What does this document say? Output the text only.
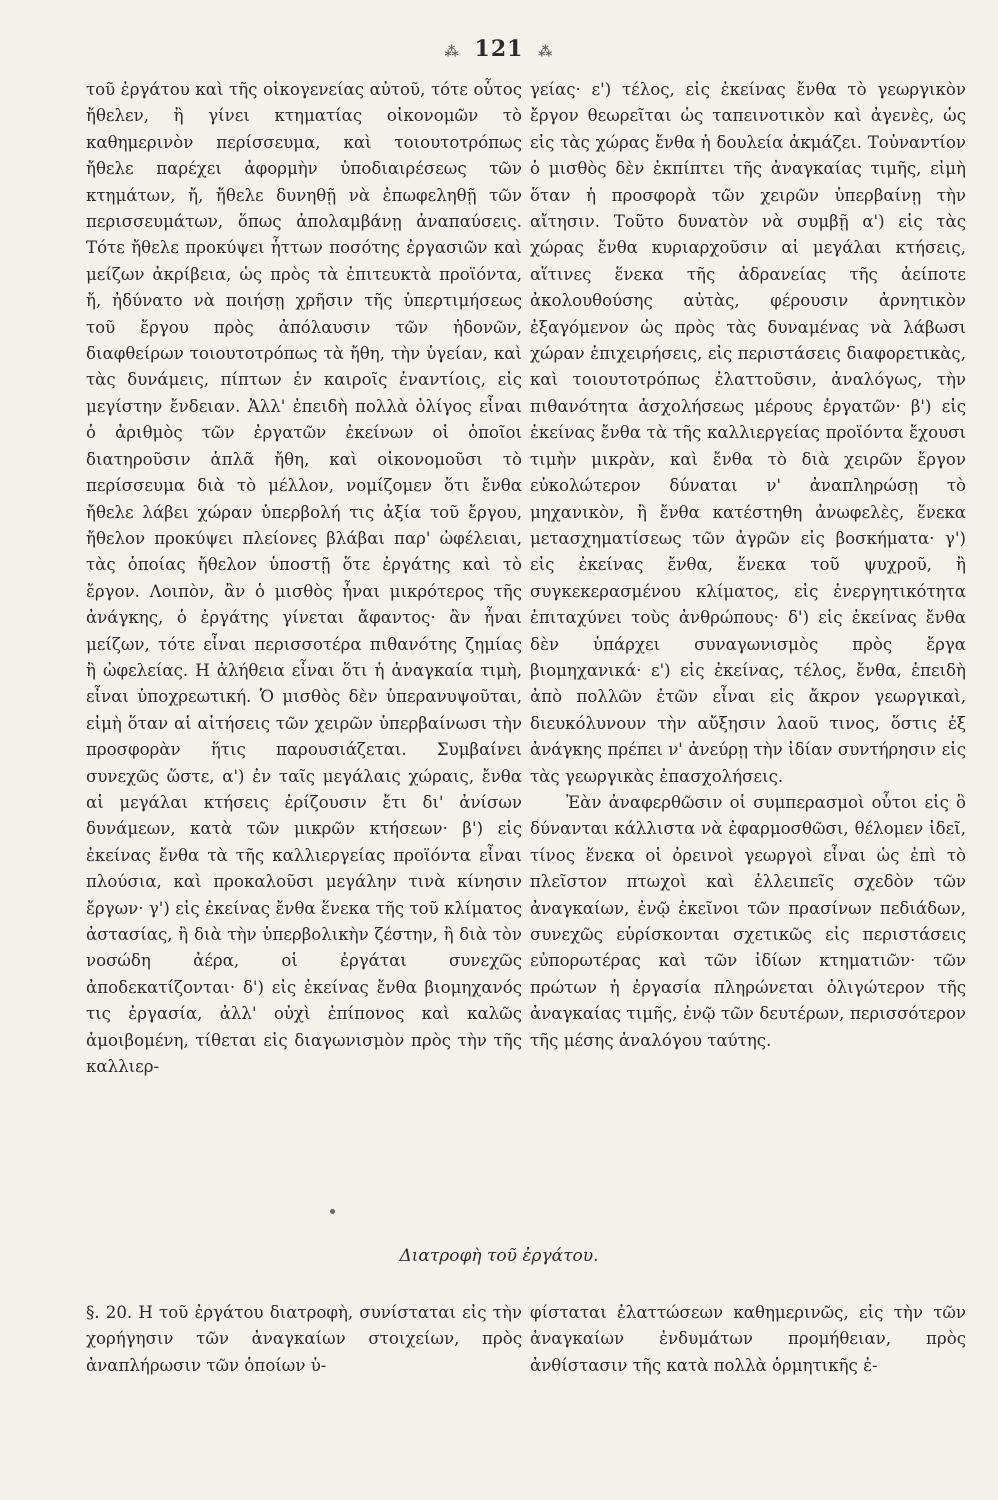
⁂ 121 ⁂

τοῦ ἐργάτου καὶ τῆς οἰκογενείας αὐτοῦ, τότε οὗτος ἤθελεν, ἢ γίνει κτηματίας οἰκονομῶν τὸ καθημερινὸν περίσσευμα, καὶ τοιουτοτρόπως ἤθελε παρέχει ἀφορμὴν ὑποδιαιρέσεως τῶν κτημάτων, ἤ, ἤθελε δυνηθῇ νὰ ἐπωφεληθῇ τῶν περισσευμάτων, ὅπως ἀπολαμβάνῃ ἀναπαύσεις. Τότε ἤθελε προκύψει ἧττων ποσότης ἐργασιῶν καὶ μείζων ἀκρίβεια, ὡς πρὸς τὰ ἐπιτευκτὰ προϊόντα, ἤ, ἠδύνατο νὰ ποιήσῃ χρῆσιν τῆς ὑπερτιμήσεως τοῦ ἔργου πρὸς ἀπόλαυσιν τῶν ἡδονῶν, διαφθείρων τοιουτοτρόπως τὰ ἤθη, τὴν ὑγείαν, καὶ τὰς δυνάμεις, πίπτων ἐν καιροῖς ἐναντίοις, εἰς μεγίστην ἔνδειαν. Ἀλλ' ἐπειδὴ πολλὰ ὀλίγος εἶναι ὁ ἀριθμὸς τῶν ἐργατῶν ἐκείνων οἱ ὁποῖοι διατηροῦσιν ἁπλᾶ ἤθη, καὶ οἰκονομοῦσι τὸ περίσσευμα διὰ τὸ μέλλον, νομίζομεν ὅτι ἔνθα ἤθελε λάβει χώραν ὑπερβολή τις ἀξία τοῦ ἔργου, ἤθελον προκύψει πλείονες βλάβαι παρ' ὠφέλειαι, τὰς ὁποίας ἤθελον ὑποστῇ ὅτε ἐργάτης καὶ τὸ ἔργον. Λοιπὸν, ἂν ὁ μισθὸς ἦναι μικρότερος τῆς ἀνάγκης, ὁ ἐργάτης γίνεται ἄφαντος· ἂν ἦναι μείζων, τότε εἶναι περισσοτέρα πιθανότης ζημίας ἢ ὠφελείας. Η ἀλήθεια εἶναι ὅτι ἡ ἀναγκαία τιμὴ, εἶναι ὑποχρεωτική. Ὁ μισθὸς δὲν ὑπερανυψοῦται, εἰμὴ ὅταν αἱ αἰτήσεις τῶν χειρῶν ὑπερβαίνωσι τὴν προσφορὰν ἥτις παρουσιάζεται. Συμβαίνει συνεχῶς ὥστε, α') ἐν ταῖς μεγάλαις χώραις, ἔνθα αἱ μεγάλαι κτήσεις ἐρίζουσιν ἔτι δι' ἀνίσων δυνάμεων, κατὰ τῶν μικρῶν κτήσεων· β') εἰς ἐκείνας ἔνθα τὰ τῆς καλλιεργείας προϊόντα εἶναι πλούσια, καὶ προκαλοῦσι μεγάλην τινὰ κίνησιν ἔργων· γ') εἰς ἐκείνας ἔνθα ἕνεκα τῆς τοῦ κλίματος ἀστασίας, ἢ διὰ τὴν ὑπερβολικὴν ζέστην, ἢ διὰ τὸν νοσώδη ἀέρα, οἱ ἐργάται συνεχῶς ἀποδεκατίζονται· δ') εἰς ἐκείνας ἔνθα βιομηχανός τις ἐργασία, ἀλλ' οὐχὶ ἐπίπονος καὶ καλῶς ἀμοιβομένη, τίθεται εἰς διαγωνισμὸν πρὸς τὴν τῆς καλλιερ-

γείας· ε') τέλος, εἰς ἐκείνας ἔνθα τὸ γεωργικὸν ἔργον θεωρεῖται ὡς ταπεινοτικὸν καὶ ἀγενὲς, ὡς εἰς τὰς χώρας ἔνθα ἡ δουλεία ἀκμάζει. Τοὐναντίον ὁ μισθὸς δὲν ἐκπίπτει τῆς ἀναγκαίας τιμῆς, εἰμὴ ὅταν ἡ προσφορὰ τῶν χειρῶν ὑπερβαίνῃ τὴν αἴτησιν. Τοῦτο δυνατὸν νὰ συμβῇ α') εἰς τὰς χώρας ἔνθα κυριαρχοῦσιν αἱ μεγάλαι κτήσεις, αἵτινες ἕνεκα τῆς ἀδρανείας τῆς ἀείποτε ἀκολουθούσης αὐτὰς, φέρουσιν ἀρνητικὸν ἐξαγόμενον ὡς πρὸς τὰς δυναμένας νὰ λάβωσι χώραν ἐπιχειρήσεις, εἰς περιστάσεις διαφορετικὰς, καὶ τοιουτοτρόπως ἐλαττοῦσιν, ἀναλόγως, τὴν πιθανότητα ἀσχολήσεως μέρους ἐργατῶν· β') εἰς ἐκείνας ἔνθα τὰ τῆς καλλιεργείας προϊόντα ἔχουσι τιμὴν μικρὰν, καὶ ἔνθα τὸ διὰ χειρῶν ἔργον εὐκολώτερον δύναται ν' ἀναπληρώσῃ τὸ μηχανικὸν, ἢ ἔνθα κατέστηθη ἀνωφελὲς, ἕνεκα μετασχηματίσεως τῶν ἀγρῶν εἰς βοσκήματα· γ') εἰς ἐκείνας ἔνθα, ἕνεκα τοῦ ψυχροῦ, ἢ συγκεκερασμένου κλίματος, εἰς ἐνεργητικότητα ἐπιταχύνει τοὺς ἀνθρώπους· δ') εἰς ἐκείνας ἔνθα δὲν ὑπάρχει συναγωνισμὸς πρὸς ἔργα βιομηχανικά· ε') εἰς ἐκείνας, τέλος, ἔνθα, ἐπειδὴ ἀπὸ πολλῶν ἐτῶν εἶναι εἰς ἄκρον γεωργικαὶ, διευκόλυνουν τὴν αὔξησιν λαοῦ τινος, ὅστις ἐξ ἀνάγκης πρέπει ν' ἀνεύρῃ τὴν ἰδίαν συντήρησιν εἰς τὰς γεωργικὰς ἐπασχολήσεις.

Ἐὰν ἀναφερθῶσιν οἱ συμπερασμοὶ οὗτοι εἰς ὃ δύνανται κάλλιστα νὰ ἐφαρμοσθῶσι, θέλομεν ἰδεῖ, τίνος ἕνεκα οἱ ὀρεινοὶ γεωργοὶ εἶναι ὡς ἐπὶ τὸ πλεῖστον πτωχοὶ καὶ ἐλλειπεῖς σχεδὸν τῶν ἀναγκαίων, ἐνῷ ἐκεῖνοι τῶν πρασίνων πεδιάδων, συνεχῶς εὑρίσκονται σχετικῶς εἰς περιστάσεις εὐπορωτέρας καὶ τῶν ἰδίων κτηματιῶν· τῶν πρώτων ἡ ἐργασία πληρώνεται ὀλιγώτερον τῆς ἀναγκαίας τιμῆς, ἐνῷ τῶν δευτέρων, περισσότερον τῆς μέσης ἀναλόγου ταύτης.

Διατροφὴ τοῦ ἐργάτου.

§. 20. Η τοῦ ἐργάτου διατροφὴ, συνίσταται εἰς τὴν χορήγησιν τῶν ἀναγκαίων στοιχείων, πρὸς ἀναπλήρωσιν τῶν ὁποίων ὑ-

φίσταται ἐλαττώσεων καθημερινῶς, εἰς τὴν τῶν ἀναγκαίων ἐνδυμάτων προμήθειαν, πρὸς ἀνθίστασιν τῆς κατὰ πολλὰ ὁρμητικῆς ἐ-
